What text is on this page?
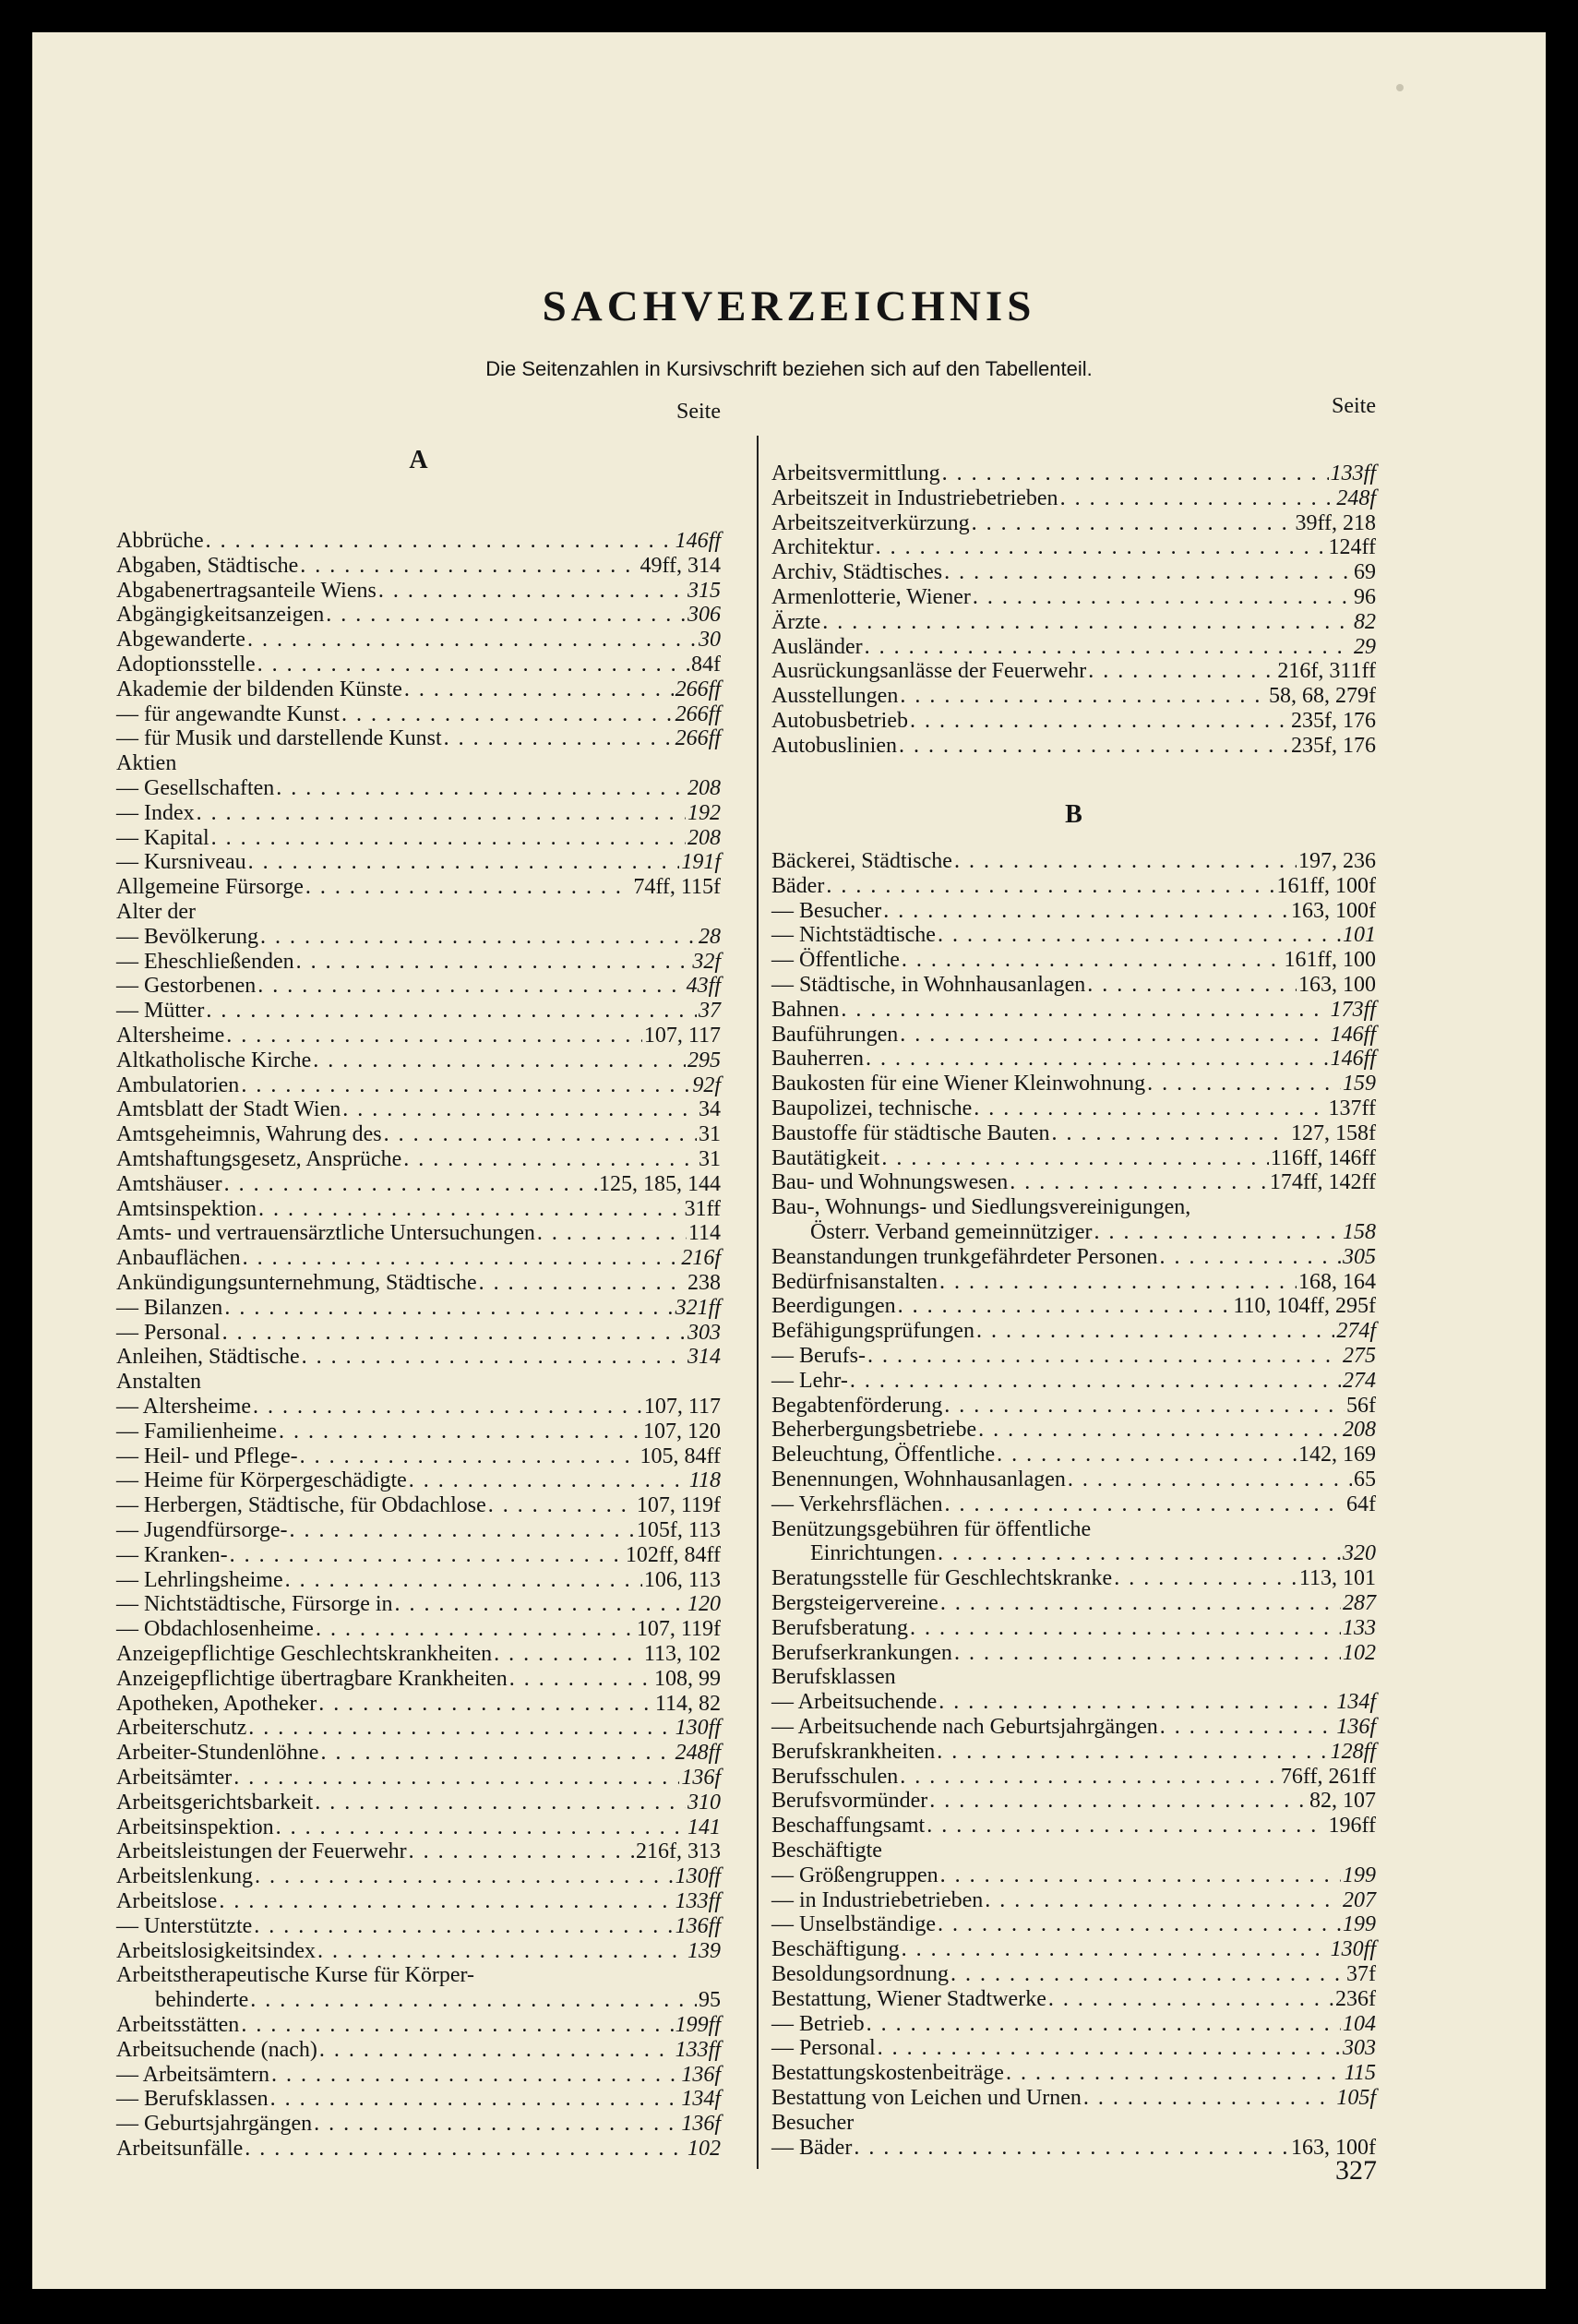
SACHVERZEICHNIS
Die Seitenzahlen in Kursivschrift beziehen sich auf den Tabellenteil.
Seite
A
Abbrüche . . .	146ff
Abgaben, Städtische . . .	49ff, 314
Abgabenertragsanteile Wiens . . .	315
Abgängigkeitsanzeigen . . .	306
Abgewanderte . . .	30
Adoptionsstelle . . .	84f
Akademie der bildenden Künste . . .	266ff
— für angewandte Kunst . . .	266ff
— für Musik und darstellende Kunst . . .	266ff
Aktien
— Gesellschaften . . .	208
— Index . . .	192
— Kapital . . .	208
— Kursniveau . . .	191f
Allgemeine Fürsorge . . .	74ff, 115f
Alter der
— Bevölkerung . . .	28
— Eheschließenden . . .	32f
— Gestorbenen . . .	43ff
— Mütter . . .	37
Altersheime . . .	107, 117
Altkatholische Kirche . . .	295
Ambulatorien . . .	92f
Amtsblatt der Stadt Wien . . .	34
Amtsgeheimnis, Wahrung des . . .	31
Amtshaftungsgesetz, Ansprüche . . .	31
Amtshäuser . . .	125, 185, 144
Amtsinspektion . . .	31ff
Amts- und vertrauensärztliche Untersuchungen . . .	114
Anbauflächen . . .	216f
Ankündigungsunternehmung, Städtische . . .	238
— Bilanzen . . .	321ff
— Personal . . .	303
Anleihen, Städtische . . .	314
Anstalten
— Altersheime . . .	107, 117
— Familienheime . . .	107, 120
— Heil- und Pflege- . . .	105, 84ff
— Heime für Körpergeschädigte . . .	118
— Herbergen, Städtische, für Obdachlose . . .	107, 119f
— Jugendfürsorge- . . .	105f, 113
— Kranken- . . .	102ff, 84ff
— Lehrlingsheime . . .	106, 113
— Nichtstädtische, Fürsorge in . . .	120
— Obdachlosenheime . . .	107, 119f
Anzeigepflichtige Geschlechtskrankheiten . . .	113, 102
Anzeigepflichtige übertragbare Krankheiten . . .	108, 99
Apotheken, Apotheker . . .	114, 82
Arbeiterschutz . . .	130ff
Arbeiter-Stundenlöhne . . .	248ff
Arbeitsämter . . .	136f
Arbeitsgerichtsbarkeit . . .	310
Arbeitsinspektion . . .	141
Arbeitsleistungen der Feuerwehr . . .	216f, 313
Arbeitslenkung . . .	130ff
Arbeitslose . . .	133ff
— Unterstützte . . .	136ff
Arbeitslosigkeitsindex . . .	139
Arbeitstherapeutische Kurse für Körper-
behinderte . . .	95
Arbeitsstätten . . .	199ff
Arbeitsuchende (nach) . . .	133ff
— Arbeitsämtern . . .	136f
— Berufsklassen . . .	134f
— Geburtsjahrgängen . . .	136f
Arbeitsunfälle . . .	102
Seite
B
Arbeitsvermittlung . . .	133ff
Arbeitszeit in Industriebetrieben . . .	248f
Arbeitszeitverkürzung . . .	39ff, 218
Architektur . . .	124ff
Archiv, Städtisches . . .	69
Armenlotterie, Wiener . . .	96
Ärzte . . .	82
Ausländer . . .	29
Ausrückungsanlässe der Feuerwehr . . .	216f, 311ff
Ausstellungen . . .	58, 68, 279f
Autobusbetrieb . . .	235f, 176
Autobuslinien . . .	235f, 176
Bäckerei, Städtische . . .	197, 236
Bäder . . .	161ff, 100f
— Besucher . . .	163, 100f
— Nichtstädtische . . .	101
— Öffentliche . . .	161ff, 100
— Städtische, in Wohnhausanlagen . . .	163, 100
Bahnen . . .	173ff
Bauführungen . . .	146ff
Bauherren . . .	146ff
Baukosten für eine Wiener Kleinwohnung . . .	159
Baupolizei, technische . . .	137ff
Baustoffe für städtische Bauten . . .	127, 158f
Bautätigkeit . . .	116ff, 146ff
Bau- und Wohnungswesen . . .	174ff, 142ff
Bau-, Wohnungs- und Siedlungsvereinigungen,
Österr. Verband gemeinnütziger . . .	158
Beanstandungen trunkgefährdeter Personen . . .	305
Bedürfnisanstalten . . .	168, 164
Beerdigungen . . .	110, 104ff, 295f
Befähigungsprüfungen . . .	274f
— Berufs- . . .	275
— Lehr- . . .	274
Begabtenförderung . . .	56f
Beherbergungsbetriebe . . .	208
Beleuchtung, Öffentliche . . .	142, 169
Benennungen, Wohnhausanlagen . . .	65
— Verkehrsflächen . . .	64f
Benützungsgebühren für öffentliche
Einrichtungen . . .	320
Beratungsstelle für Geschlechtskranke . . .	113, 101
Bergsteigervereine . . .	287
Berufsberatung . . .	133
Berufserkrankungen . . .	102
Berufsklassen
— Arbeitsuchende . . .	134f
— Arbeitsuchende nach Geburtsjahrgängen . . .	136f
Berufskrankheiten . . .	128ff
Berufsschulen . . .	76ff, 261ff
Berufsvormünder . . .	82, 107
Beschaffungsamt . . .	196ff
Beschäftigte
— Größengruppen . . .	199
— in Industriebetrieben . . .	207
— Unselbständige . . .	199
Beschäftigung . . .	130ff
Besoldungsordnung . . .	37f
Bestattung, Wiener Stadtwerke . . .	236f
— Betrieb . . .	104
— Personal . . .	303
Bestattungskostenbeiträge . . .	115
Bestattung von Leichen und Urnen . . .	105f
Besucher
— Bäder . . .	163, 100f
327
